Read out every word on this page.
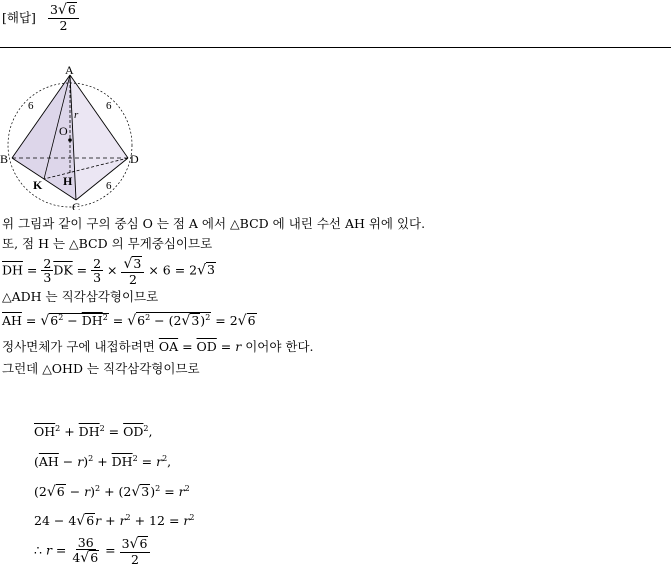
[해답] $\frac{3√6}{2}$
A
B
C
D
O
H
K
r
6	6
6
위 그림과 같이 구의 중심 O 는 점 A 에서 △BCD 에 내린 수선 AH 위에 있다.
또, 점 H 는 △BCD 의 무게중심이므로
$\overline{DH} = \frac{2}{3} \overline{DK} = \frac{2}{3} \times \frac{√3}{2} \times 6 = 2√3$
△ADH 는 직각삼각형이므로
$\overline{AH} = √6^2 - \overline{DH}^2 = √6^2 - (2√3)^2 = 2√6$
정사면체가 구에 내접하려면 $\overline{OA} = \overline{OD} = r$ 이어야 한다.
그런데 △OHD 는 직각삼각형이므로
$\overline{OH}^2 + \overline{DH}^2 = \overline{OD}^2$,
$(\overline{AH} - r)^2 + \overline{DH}^2 = r^2$,
$(2√6 - r)^2 + (2√3)^2 = r^2$
$24 - 4√6r + r^2 + 12 = r^2$
∴ $r = \frac{36}{4√6} = \frac{3√6}{2}$
